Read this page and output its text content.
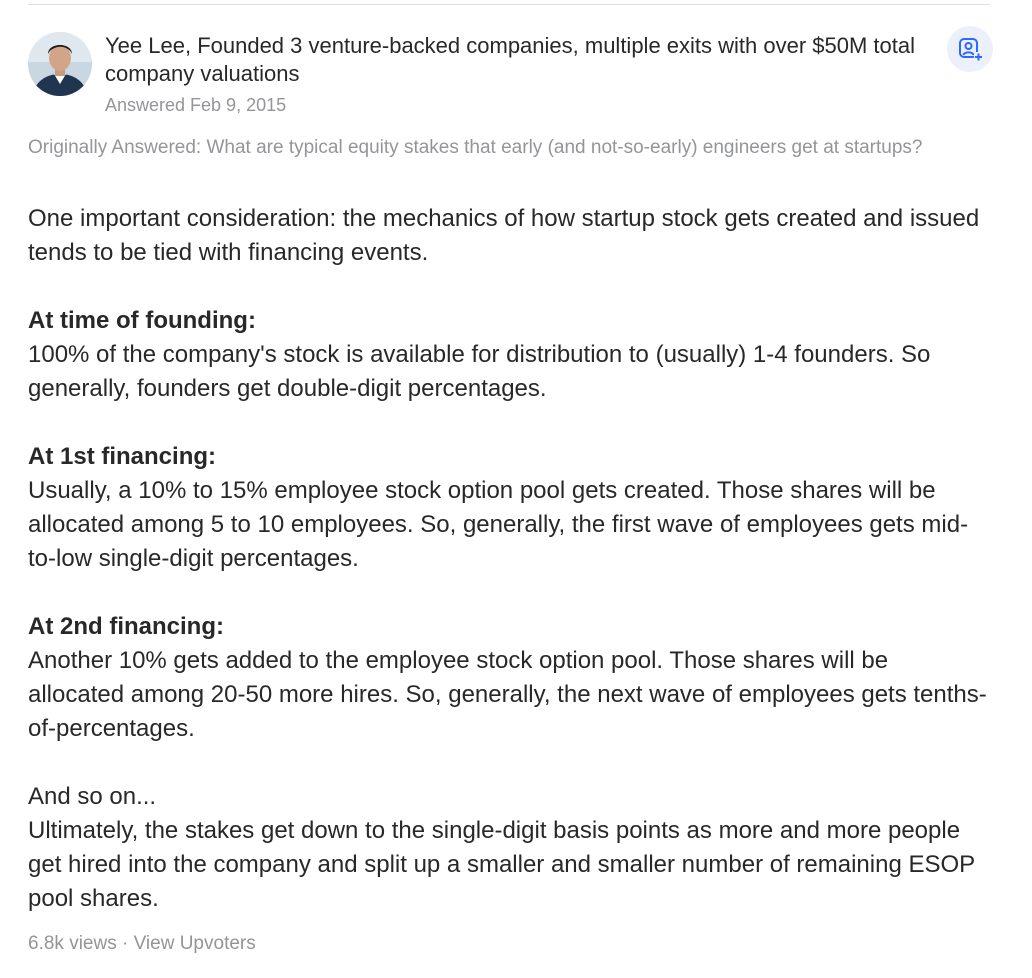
Yee Lee, Founded 3 venture-backed companies, multiple exits with over $50M total company valuations
Answered Feb 9, 2015
Originally Answered: What are typical equity stakes that early (and not-so-early) engineers get at startups?

One important consideration: the mechanics of how startup stock gets created and issued tends to be tied with financing events.

At time of founding:
100% of the company's stock is available for distribution to (usually) 1-4 founders. So generally, founders get double-digit percentages.

At 1st financing:
Usually, a 10% to 15% employee stock option pool gets created. Those shares will be allocated among 5 to 10 employees. So, generally, the first wave of employees gets mid-to-low single-digit percentages.

At 2nd financing:
Another 10% gets added to the employee stock option pool. Those shares will be allocated among 20-50 more hires. So, generally, the next wave of employees gets tenths-of-percentages.

And so on...
Ultimately, the stakes get down to the single-digit basis points as more and more people get hired into the company and split up a smaller and smaller number of remaining ESOP pool shares.

6.8k views · View Upvoters
